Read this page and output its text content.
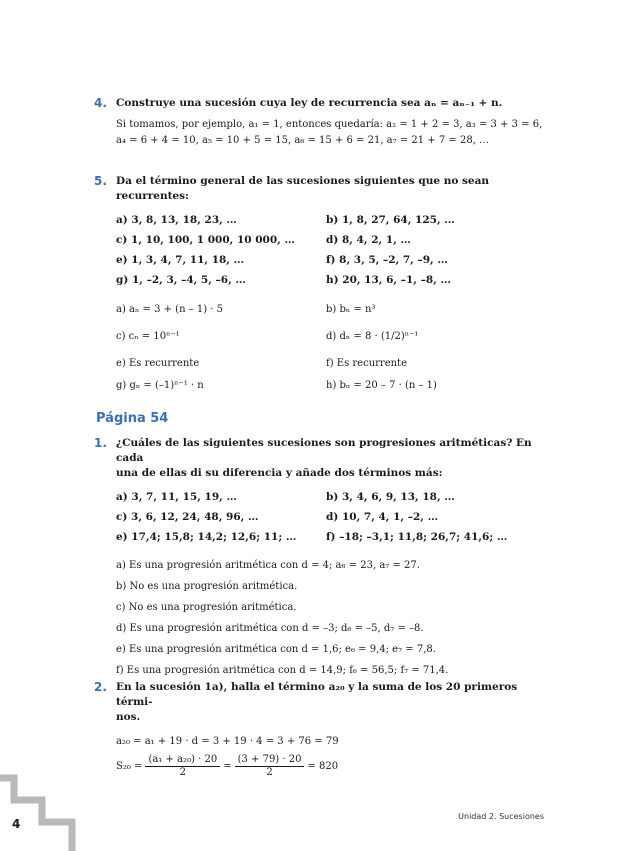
4. Construye una sucesión cuya ley de recurrencia sea aₙ = aₙ₋₁ + n.
Si tomamos, por ejemplo, a₁ = 1, entonces quedaría: a₂ = 1 + 2 = 3, a₃ = 3 + 3 = 6,
a₄ = 6 + 4 = 10, a₅ = 10 + 5 = 15, a₆ = 15 + 6 = 21, a₇ = 21 + 7 = 28, …
5. Da el término general de las sucesiones siguientes que no sean recurrentes:
a) 3, 8, 13, 18, 23, …	b) 1, 8, 27, 64, 125, …
c) 1, 10, 100, 1 000, 10 000, …	d) 8, 4, 2, 1, …
e) 1, 3, 4, 7, 11, 18, …	f) 8, 3, 5, –2, 7, –9, …
g) 1, –2, 3, –4, 5, –6, …	h) 20, 13, 6, –1, –8, …
a) aₙ = 3 + (n – 1) · 5	b) bₙ = n³
c) cₙ = 10ⁿ⁻¹	d) dₙ = 8 · (1/2)ⁿ⁻¹
e) Es recurrente	f) Es recurrente
g) gₙ = (–1)ⁿ⁻¹ · n	h) bₙ = 20 – 7 · (n – 1)
Página 54
1. ¿Cuáles de las siguientes sucesiones son progresiones aritméticas? En cada
una de ellas di su diferencia y añade dos términos más:
a) 3, 7, 11, 15, 19, …	b) 3, 4, 6, 9, 13, 18, …
c) 3, 6, 12, 24, 48, 96, …	d) 10, 7, 4, 1, –2, …
e) 17,4; 15,8; 14,2; 12,6; 11; …	f) –18; –3,1; 11,8; 26,7; 41,6; …
a) Es una progresión aritmética con d = 4; a₆ = 23, a₇ = 27.
b) No es una progresión aritmética.
c) No es una progresión aritmética.
d) Es una progresión aritmética con d = –3; d₆ = –5, d₇ = –8.
e) Es una progresión aritmética con d = 1,6; e₆ = 9,4; e₇ = 7,8.
f) Es una progresión aritmética con d = 14,9; f₆ = 56,5; f₇ = 71,4.
2. En la sucesión 1a), halla el término a₂₀ y la suma de los 20 primeros térmi-
nos.
a₂₀ = a₁ + 19 · d = 3 + 19 · 4 = 3 + 76 = 79
$S_{20} = \frac{\text{(a₁ + a₂₀) · 20}}{2} = \frac{(3 + 79) \cdot 20}{2} = 820$
4
Unidad 2. Sucesiones
